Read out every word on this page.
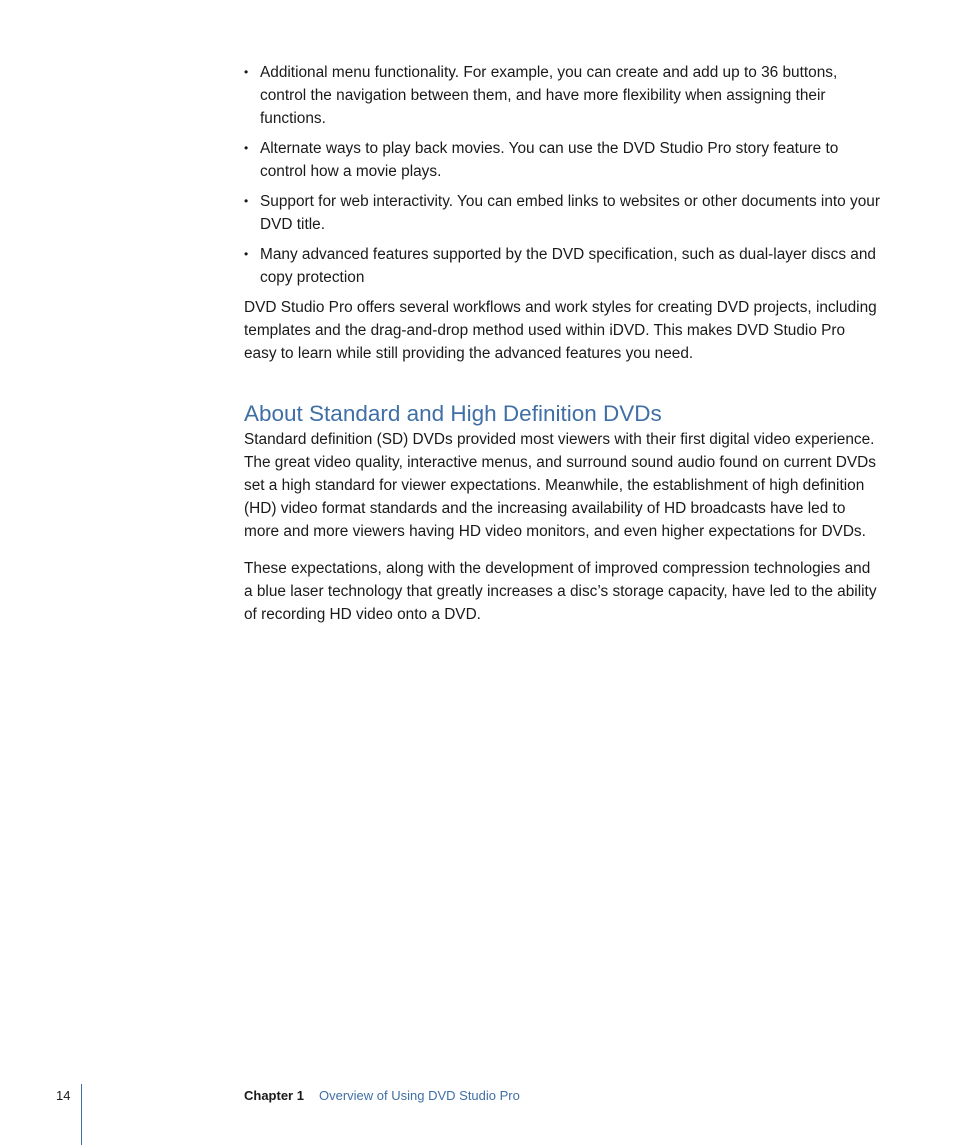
• Additional menu functionality. For example, you can create and add up to 36 buttons, control the navigation between them, and have more flexibility when assigning their functions.
• Alternate ways to play back movies. You can use the DVD Studio Pro story feature to control how a movie plays.
• Support for web interactivity. You can embed links to websites or other documents into your DVD title.
• Many advanced features supported by the DVD specification, such as dual-layer discs and copy protection

DVD Studio Pro offers several workflows and work styles for creating DVD projects, including templates and the drag-and-drop method used within iDVD. This makes DVD Studio Pro easy to learn while still providing the advanced features you need.

About Standard and High Definition DVDs

Standard definition (SD) DVDs provided most viewers with their first digital video experience. The great video quality, interactive menus, and surround sound audio found on current DVDs set a high standard for viewer expectations. Meanwhile, the establishment of high definition (HD) video format standards and the increasing availability of HD broadcasts have led to more and more viewers having HD video monitors, and even higher expectations for DVDs.

These expectations, along with the development of improved compression technologies and a blue laser technology that greatly increases a disc’s storage capacity, have led to the ability of recording HD video onto a DVD.

14	Chapter 1 Overview of Using DVD Studio Pro
